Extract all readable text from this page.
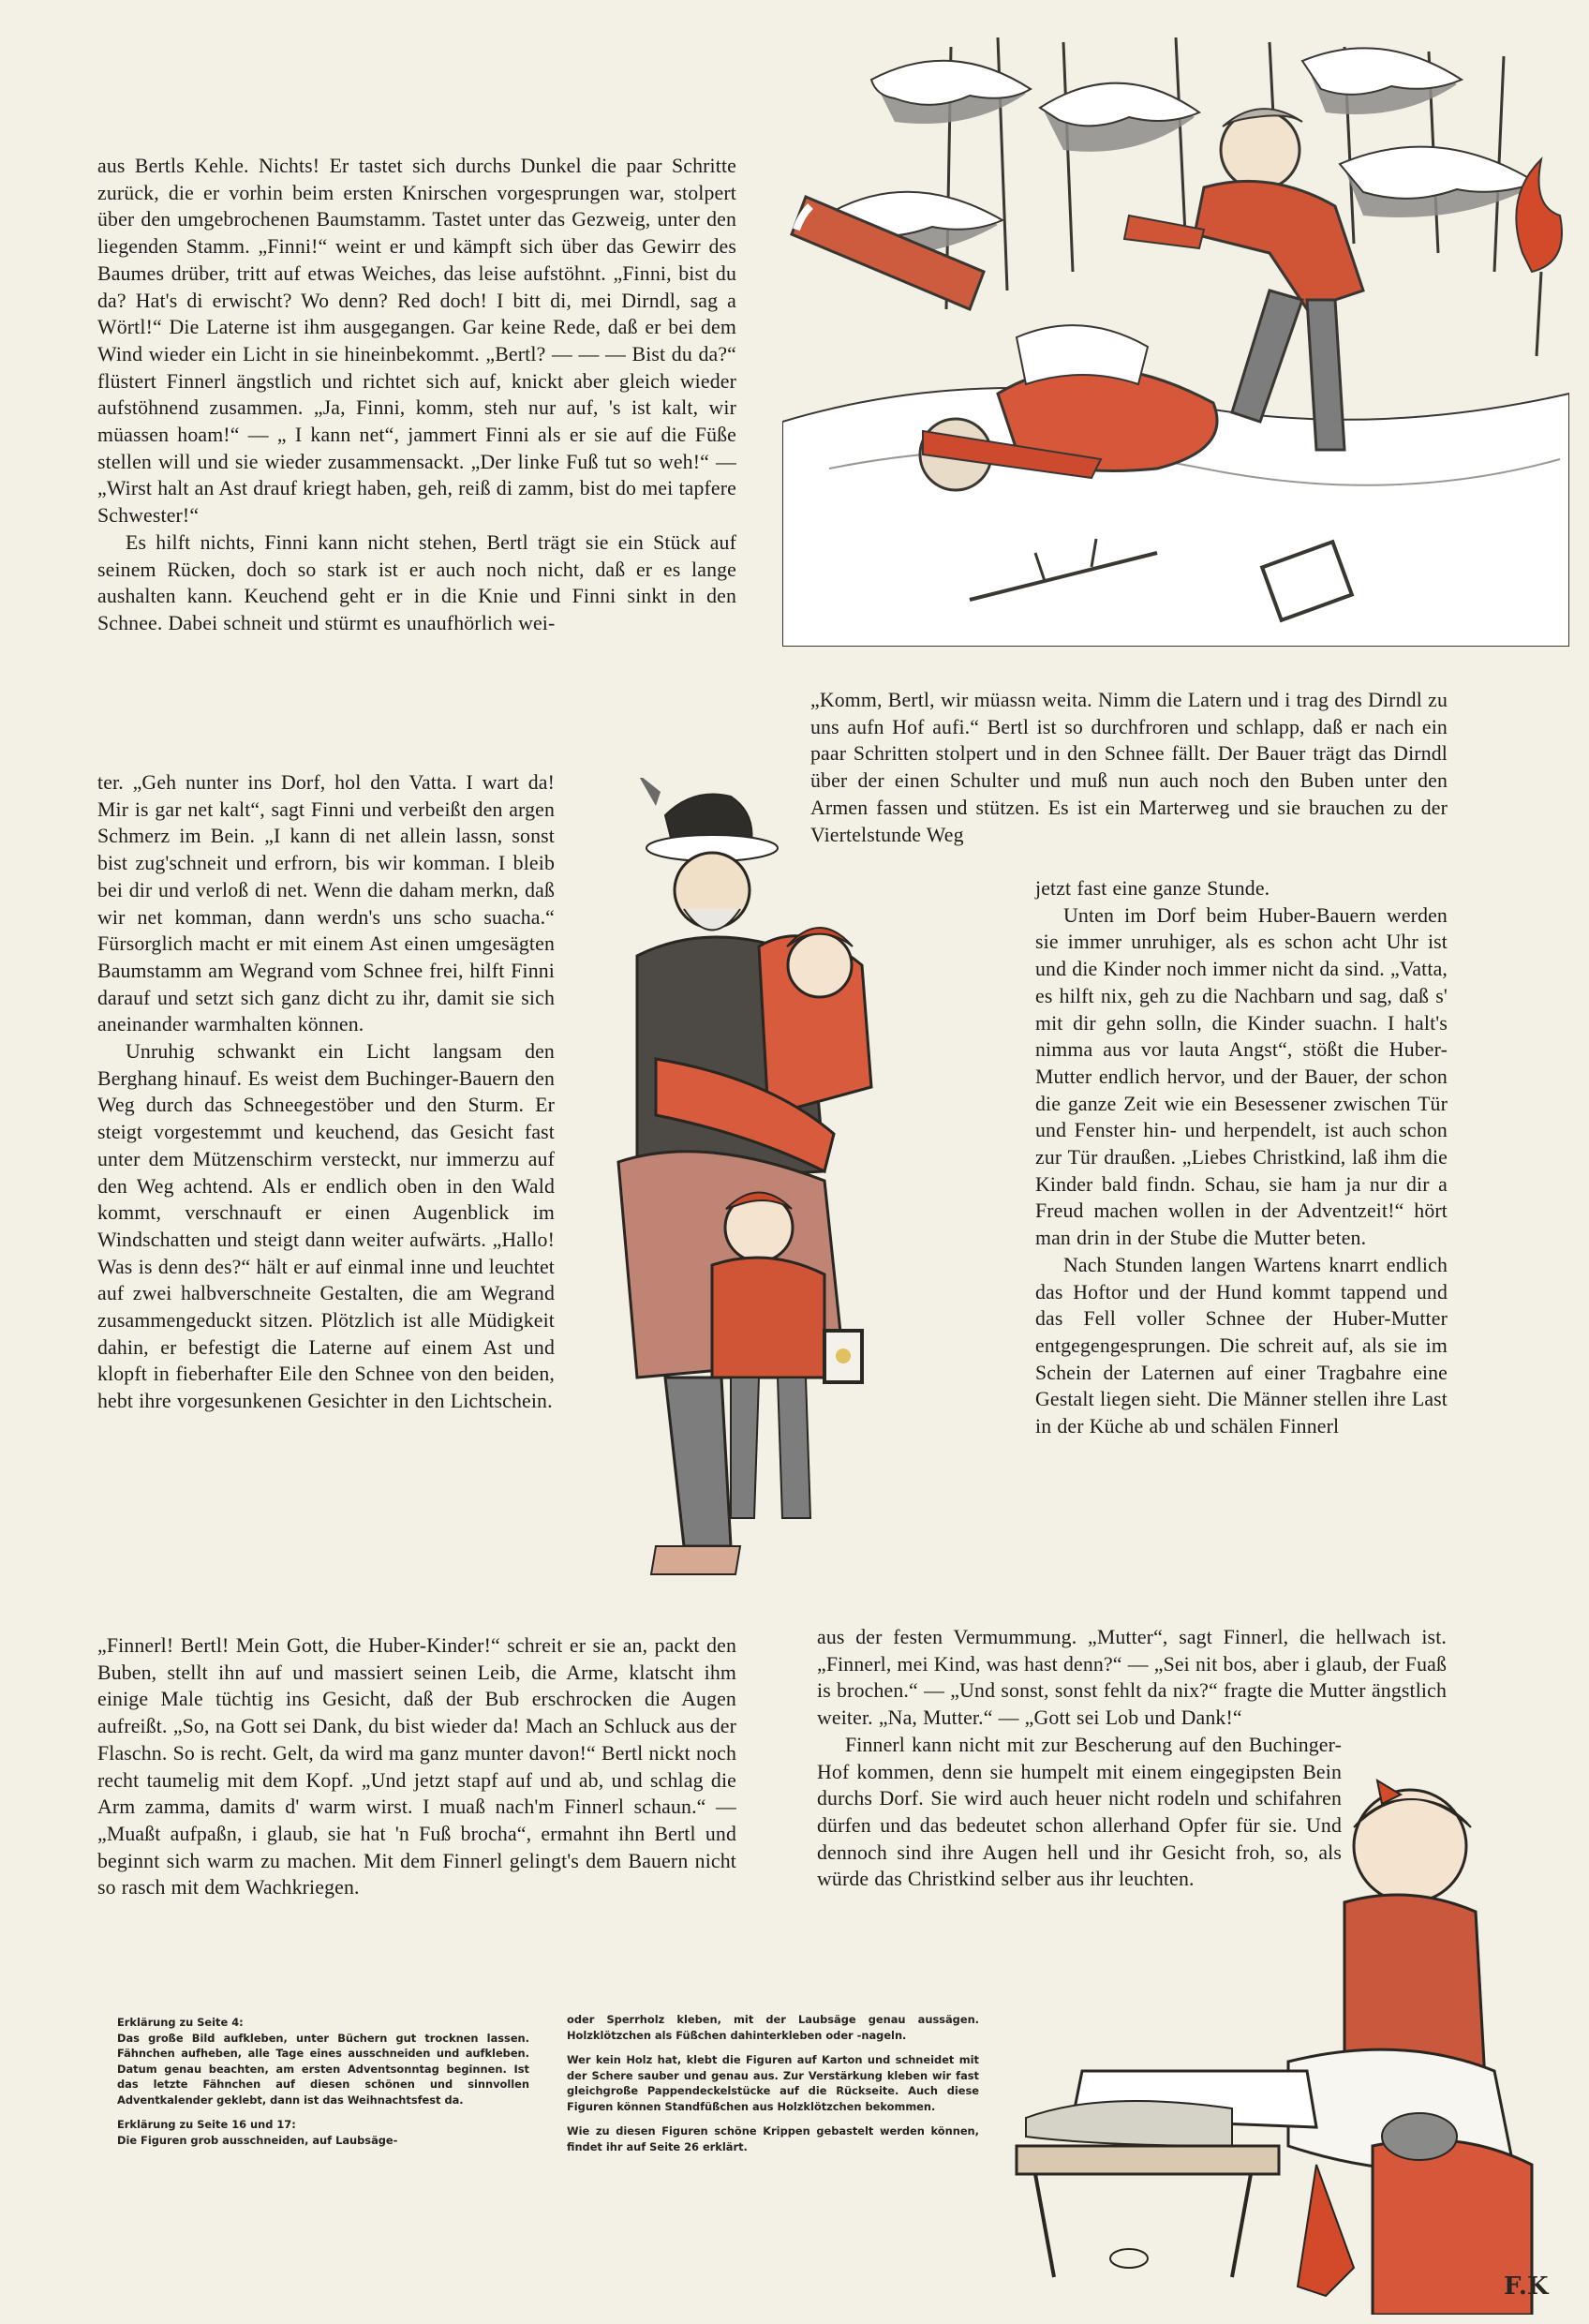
aus Bertls Kehle. Nichts! Er tastet sich durchs Dunkel die paar Schritte zurück, die er vorhin beim ersten Knirschen vorgesprungen war, stolpert über den umgebrochenen Baumstamm. Tastet unter das Gezweig, unter den liegenden Stamm. „Finni!“ weint er und kämpft sich über das Gewirr des Baumes drüber, tritt auf etwas Weiches, das leise aufstöhnt. „Finni, bist du da? Hat's di erwischt? Wo denn? Red doch! I bitt di, mei Dirndl, sag a Wörtl!“ Die Laterne ist ihm ausgegangen. Gar keine Rede, daß er bei dem Wind wieder ein Licht in sie hineinbekommt. „Bertl? — — — Bist du da?“ flüstert Finnerl ängstlich und richtet sich auf, knickt aber gleich wieder aufstöhnend zusammen. „Ja, Finni, komm, steh nur auf, 's ist kalt, wir müassen hoam!“ — „ I kann net“, jammert Finni als er sie auf die Füße stellen will und sie wieder zusammensackt. „Der linke Fuß tut so weh!“ — „Wirst halt an Ast drauf kriegt haben, geh, reiß di zamm, bist do mei tapfere Schwester!“

Es hilft nichts, Finni kann nicht stehen, Bertl trägt sie ein Stück auf seinem Rücken, doch so stark ist er auch noch nicht, daß er es lange aushalten kann. Keuchend geht er in die Knie und Finni sinkt in den Schnee. Dabei schneit und stürmt es unaufhörlich wei-

ter. „Geh nunter ins Dorf, hol den Vatta. I wart da! Mir is gar net kalt“, sagt Finni und verbeißt den argen Schmerz im Bein. „I kann di net allein lassn, sonst bist zug'schneit und erfrorn, bis wir komman. I bleib bei dir und verloß di net. Wenn die daham merkn, daß wir net komman, dann werdn's uns scho suacha.“ Fürsorglich macht er mit einem Ast einen umgesägten Baumstamm am Wegrand vom Schnee frei, hilft Finni darauf und setzt sich ganz dicht zu ihr, damit sie sich aneinander warmhalten können.

Unruhig schwankt ein Licht langsam den Berghang hinauf. Es weist dem Buchinger-Bauern den Weg durch das Schneegestöber und den Sturm. Er steigt vorgestemmt und keuchend, das Gesicht fast unter dem Mützenschirm versteckt, nur immerzu auf den Weg achtend. Als er endlich oben in den Wald kommt, verschnauft er einen Augenblick im Windschatten und steigt dann weiter aufwärts. „Hallo! Was is denn des?“ hält er auf einmal inne und leuchtet auf zwei halbverschneite Gestalten, die am Wegrand zusammengeduckt sitzen. Plötzlich ist alle Müdigkeit dahin, er befestigt die Laterne auf einem Ast und klopft in fieberhafter Eile den Schnee von den beiden, hebt ihre vorgesunkenen Gesichter in den Lichtschein.

„Finnerl! Bertl! Mein Gott, die Huber-Kinder!“ schreit er sie an, packt den Buben, stellt ihn auf und massiert seinen Leib, die Arme, klatscht ihm einige Male tüchtig ins Gesicht, daß der Bub erschrocken die Augen aufreißt. „So, na Gott sei Dank, du bist wieder da! Mach an Schluck aus der Flaschn. So is recht. Gelt, da wird ma ganz munter davon!“ Bertl nickt noch recht taumelig mit dem Kopf. „Und jetzt stapf auf und ab, und schlag die Arm zamma, damits d' warm wirst. I muaß nach'm Finnerl schaun.“ — „Muaßt aufpaßn, i glaub, sie hat 'n Fuß brocha“, ermahnt ihn Bertl und beginnt sich warm zu machen. Mit dem Finnerl gelingt's dem Bauern nicht so rasch mit dem Wachkriegen.

„Komm, Bertl, wir müassn weita. Nimm die Latern und i trag des Dirndl zu uns aufn Hof aufi.“ Bertl ist so durchfroren und schlapp, daß er nach ein paar Schritten stolpert und in den Schnee fällt. Der Bauer trägt das Dirndl über der einen Schulter und muß nun auch noch den Buben unter den Armen fassen und stützen. Es ist ein Marterweg und sie brauchen zu der Viertelstunde Weg

jetzt fast eine ganze Stunde.

Unten im Dorf beim Huber-Bauern werden sie immer unruhiger, als es schon acht Uhr ist und die Kinder noch immer nicht da sind. „Vatta, es hilft nix, geh zu die Nachbarn und sag, daß s' mit dir gehn solln, die Kinder suachn. I halt's nimma aus vor lauta Angst“, stößt die Huber-Mutter endlich hervor, und der Bauer, der schon die ganze Zeit wie ein Besessener zwischen Tür und Fenster hin- und herpendelt, ist auch schon zur Tür draußen. „Liebes Christkind, laß ihm die Kinder bald findn. Schau, sie ham ja nur dir a Freud machen wollen in der Adventzeit!“ hört man drin in der Stube die Mutter beten.

Nach Stunden langen Wartens knarrt endlich das Hoftor und der Hund kommt tappend und das Fell voller Schnee der Huber-Mutter entgegengesprungen. Die schreit auf, als sie im Schein der Laternen auf einer Tragbahre eine Gestalt liegen sieht. Die Männer stellen ihre Last in der Küche ab und schälen Finnerl

aus der festen Vermummung. „Mutter“, sagt Finnerl, die hellwach ist. „Finnerl, mei Kind, was hast denn?“ — „Sei nit bos, aber i glaub, der Fuaß is brochen.“ — „Und sonst, sonst fehlt da nix?“ fragte die Mutter ängstlich weiter. „Na, Mutter.“ — „Gott sei Lob und Dank!“

Finnerl kann nicht mit zur Bescherung auf den Buchinger-Hof kommen, denn sie humpelt mit einem eingegipsten Bein durchs Dorf. Sie wird auch heuer nicht rodeln und schifahren dürfen und das bedeutet schon allerhand Opfer für sie. Und dennoch sind ihre Augen hell und ihr Gesicht froh, so, als würde das Christkind selber aus ihr leuchten.

Erklärung zu Seite 4:
Das große Bild aufkleben, unter Büchern gut trocknen lassen. Fähnchen aufheben, alle Tage eines ausschneiden und aufkleben. Datum genau beachten, am ersten Adventsonntag beginnen. Ist das letzte Fähnchen auf diesen schönen und sinnvollen Adventkalender geklebt, dann ist das Weihnachtsfest da.

Erklärung zu Seite 16 und 17:
Die Figuren grob ausschneiden, auf Laubsäge-

oder Sperrholz kleben, mit der Laubsäge genau aussägen. Holzklötzchen als Füßchen dahinterkleben oder -nageln.

Wer kein Holz hat, klebt die Figuren auf Karton und schneidet mit der Schere sauber und genau aus. Zur Verstärkung kleben wir fast gleichgroße Pappendeckelstücke auf die Rückseite. Auch diese Figuren können Standfüßchen aus Holzklötzchen bekommen.

Wie zu diesen Figuren schöne Krippen gebastelt werden können, findet ihr auf Seite 26 erklärt.

F.K
